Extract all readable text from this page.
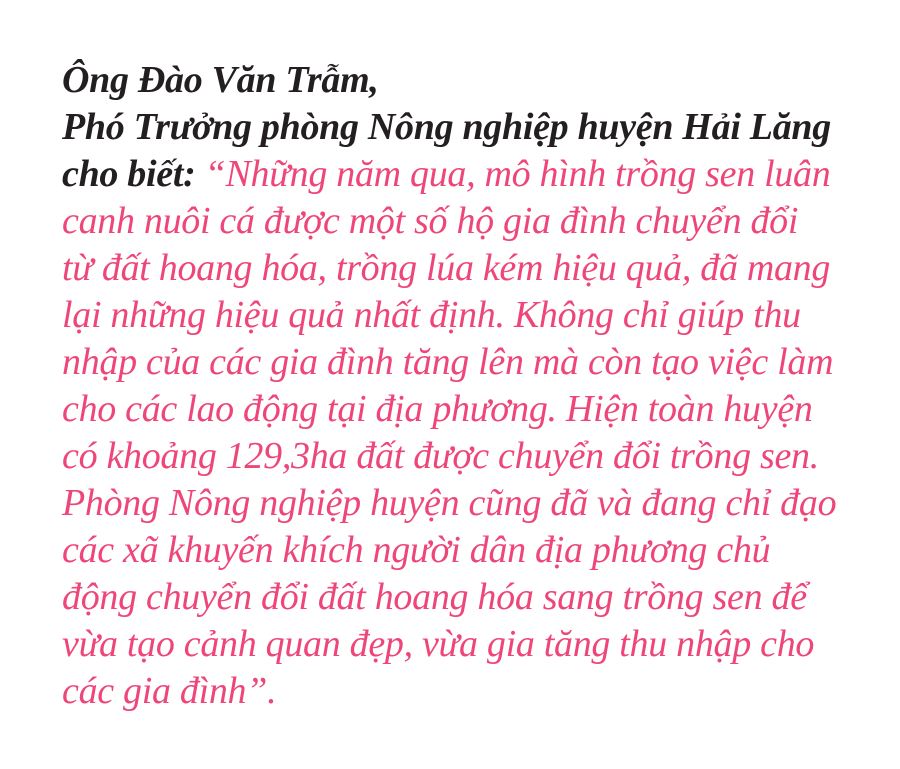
Ông Đào Văn Trẫm,
Phó Trưởng phòng Nông nghiệp huyện Hải Lăng
cho biết: “Những năm qua, mô hình trồng sen luân
canh nuôi cá được một số hộ gia đình chuyển đổi
từ đất hoang hóa, trồng lúa kém hiệu quả, đã mang
lại những hiệu quả nhất định. Không chỉ giúp thu
nhập của các gia đình tăng lên mà còn tạo việc làm
cho các lao động tại địa phương. Hiện toàn huyện
có khoảng 129,3ha đất được chuyển đổi trồng sen.
Phòng Nông nghiệp huyện cũng đã và đang chỉ đạo
các xã khuyến khích người dân địa phương chủ
động chuyển đổi đất hoang hóa sang trồng sen để
vừa tạo cảnh quan đẹp, vừa gia tăng thu nhập cho
các gia đình”.
